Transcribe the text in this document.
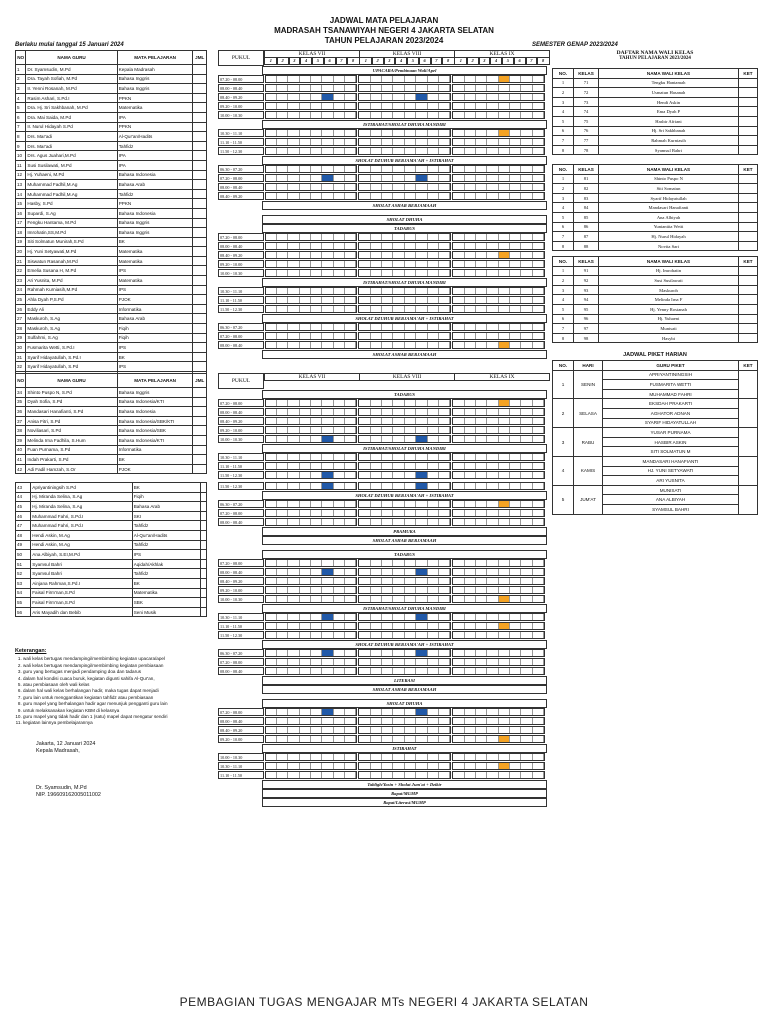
JADWAL MATA PELAJARAN
MADRASAH TSANAWIYAH NEGERI 4 JAKARTA SELATAN
TAHUN PELAJARAN 2023/2024
Berlaku mulai tanggal 15 Januari 2024	SEMESTER GENAP 2023/2024
NO	NAMA GURU	MATA PELAJARAN	JML
1	Dr. Syamsudin, M.Pd	Kepala Madrasah	
2	Dra. Tayah Sofiah, M.Pd	Bahasa Inggris	
3	Ir. Yenni Rosanah, M.Pd	Bahasa Inggris	
4	Rasim Ashari, S.Pd.I	PPKN	
5	Dra. Hj. Sri Sakhbanah, M.Pd	Matematika	
6	Dra. Mai Saida, M.Pd	IPA	
7	Ir. Nurul Hidayah S.Pd	PPKN	
8	Drs. Mar'adi	Al-Qur'an/Hadits	
9	Drs. Mar'adi	Tahfidz	
10	Drs. Agus Juahari,M.Pd	IPA	
11	Susi Susilawati, M.Pd	IPA	
12	Hj. Yuhaeni, M.Pd	Bahasa Indonesia	
13	Muhammad Fadhil,M.Ag	Bahasa Arab	
14	Muhammad Fadhil,M.Ag	Tahfidz	
15	Hasby, S.Pd	PPKN	
16	Supardi, S.Ag	Bahasa Indonesia	
17	Fengku Hantama, M.Pd	Bahasa Inggris	
18	Imrohatin,SS,M.Pd	Bahasa Inggris	
19	Siti Solmatun Munirah,S.Pd	BK	
20	Hj. Yuni Setyawati,M.Pd	Matematika	
21	Siswatun Rasanah,M.Pd	Matematika	
22	Emelia Susana H, M.Pd	IPS	
23	Ari Yusnita, M.Pd	Matematika	
24	Rahmah Kurniasih,M.Pd	IPS	
25	Ahla Dyah P,S.Pd	PJOK	
26	Eddy Ali	Informatika	
27	Maskuroh, S.Ag	Bahasa Arab	
28	Maskuroh, S.Ag	Fiqih	
29	Sulfahmi, S.Ag	Fiqih	
30	Fusmarita Wetti, S.Pd.I	IPS	
31	Syarif Hidayatullah, S.Pd.I	BK	
32	Syarif Hidayatullah, S.Pd	IPS	

NO	NAMA GURU	MATA PELAJARAN	JML
34	Shinto Puspo N, S.Pd	Bahasa Inggris	
35	Dyah Sofia, S.Pd	Bahasa Indonesia/KTI	
36	Mandasari Hanafianti, S.Pd	Bahasa Indonesia	
37	Anisa Fitri, S.Pd	Bahasa Indonesia/SBK/KTI	
38	Noviliasari, S.Pd	Bahasa Indonesia/SBK	
39	Melinda Irna Fadhila, S.Hum	Bahasa Indonesia/KTI	
40	Fuan Purnama, S.Pd	Informatika	
41	Indah Prakarti, S.Pd	BK	
42	Adi Fadil Hamzah, S.Or	PJOK	
43	Apriyantiningsih S.Pd	BK	
44	Hj. Miranda Selina, S.Ag	Fiqih	
45	Hj. Miranda Selina, S.Ag	Bahasa Arab	
46	Muhammad Fahri, S.Pd.I	SKI	
47	Muhammad Fahri, S.Pd.I	Tahfidz	
48	Hendi Askin, M.Ag	Al-Qur'an/Hadits	
49	Hendi Askin, M.Ag	Tahfidz	
50	Ana Albiyah, S.EI,M.Pd	IPS	
51	Syamsul Bahri	Aqidah/Akhlak	
52	Syamsul Bahri	Tahfidz	
53	Ainjana Rahman,S.Pd.I	BK	
54	Faisal Firm'nan,S.Pd	Matematika	
55	Faisal Firm'nan,S.Pd	SBK	
56	Aris Mayadih dan Bebib	Seni Musik	
PUKUL
KELAS VII	KELAS VIII	KELAS IX
1	2	3	4	5	6	7	8	1	2	3	4	5	6	7	8	1	2	3	4	5	6	7	8
UPACARA/Pembinaan Wali/Apel
07.20 - 08.00
08.00 - 08.40
08.40 - 09.20
09.20 - 10.00
10.00 - 10.30
ISTIRAHAT/SHOLAT DHUHA MANDIRI
10.30 - 11.10
11.10 - 11.50
11.50 - 12.30
SHOLAT DZUHUR BERJAMA'AH + ISTIRAHAT
06.30 - 07.20
07.20 - 08.00
08.00 - 08.40
08.40 - 09.20
SHOLAT ASHAR BERJAMAAH
SHOLAT DHUHA
TADARUS
07.20 - 08.00
08.00 - 08.40
08.40 - 09.20
09.20 - 10.00
10.00 - 10.30
ISTIRAHAT/SHOLAT DHUHA MANDIRI
10.30 - 11.10
11.10 - 11.50
11.50 - 12.30
SHOLAT DZUHUR BERJAMA'AH + ISTIRAHAT
06.30 - 07.20
07.20 - 08.00
08.00 - 08.40
SHOLAT ASHAR BERJAMAAH
TADARUS
07.20 - 08.00
08.00 - 08.40
08.40 - 09.20
09.20 - 10.00
10.00 - 10.30
ISTIRAHAT/SHOLAT DHUHA MANDIRI
10.30 - 11.10
11.10 - 11.50
11.50 - 12.30
11.50 - 12.30
SHOLAT DZUHUR BERJAMA'AH + ISTIRAHAT
06.30 - 07.20
07.20 - 08.00
08.00 - 08.40
PRAMUKA
SHOLAT ASHAR BERJAMAAH
TADARUS
07.20 - 08.00
08.00 - 08.40
08.40 - 09.20
09.20 - 10.00
10.00 - 10.30
ISTIRAHAT/SHOLAT DHUHA MANDIRI
10.30 - 11.10
11.10 - 11.50
11.50 - 12.30
SHOLAT DZUHUR BERJAMA'AH + ISTIRAHAT
06.30 - 07.20
07.20 - 08.00
08.00 - 08.40
LITERASI
SHOLAT ASHAR BERJAMAAH
SHOLAT DHUHA
07.20 - 08.00
08.00 - 08.40
08.40 - 09.20
09.20 - 10.00
ISTIRAHAT
10.00 - 10.30
10.30 - 11.10
11.10 - 11.50
Tabligh/Yasin + Sholat Jum'at + Dzikir
Rapat/MGMP
Rapat/Literasi/MGMP
PUKUL
KELAS VII	KELAS VIII	KELAS IX
DAFTAR NAMA WALI KELAS
TAHUN PELAJARAN 2023/2024
NO.	KELAS	NAMA WALI KELAS	KET
1	71	Tengku Hantamah	
2	72	Usmatun Hasanah	
3	73	Hendi Askin	
4	74	Ema Dyah P	
5	75	Hasbir Afriani	
6	76	Hj. Sri Sakhbanah	
7	77	Rahmah Kurniasih	
8	78	Syamsul Bahri	
NO.	KELAS	NAMA WALI KELAS	KET
1	81	Shinto Puspo N	
2	82	Siti Somatun	
3	83	Syarif Hidayatullah	
4	84	Mandasari Hanafianti	
5	85	Ana Albiyah	
6	86	Yuniantita Wetti	
7	87	Hj. Nurul Hidayah	
8	88	Novita Sari	
NO.	KELAS	NAMA WALI KELAS	KET
1	91	Hj. Imrohatin	
2	92	Susi Susilawati	
3	93	Maskuroh	
4	94	Melinda Irna F	
5	95	Hj. Yenny Rostanah	
6	96	Hj. Yuhaeni	
7	97	Munisati	
8	98	Hasybi	
JADWAL PIKET HARIAN
NO.	HARI	GURU PIKET	KET
1	SENIN	APRIYANTININGSIH	
		FUSMARITA WETTI	
		MUHAMMAD FAHRI	
2	SELASA	EKSDAH PRAKARTI	
		AGHATOR ADNAN	
		SYARIF HIDAYATULLAH	
3	RABU	YUSAR PURNAMA	
		HASBIR ASKIN	
		SITI SOLMATUN M	
4	KAMIS	MANDASARI HANAFIANTI	
		HJ. YUNI SETYAWATI	
		ARI YUSNITA	
5	JUM'AT	MUNISATI	
		ANA ALBIYAH	
		SYAMSUL BAHRI	
Keterangan:
1. wali kelas bertugas mendampingi/membimbing kegiatan upacara/apel
2. wali kelas bertugas mendampingi/membimbing kegiatan pembiasaan
3. guru yang bertugas menjadi pendamping doa dan tadarus
4. dalam hal kondisi cuaca buruk, kegiatan digunti sahifa Al-Qur'an,
5. atau pembiasaan oleh wali kelas
6. dalam hal wali kelas berhalangan hadir, maka tugas dapat menjadi
7. guru lain untuk menggantikan kegiatan tahfidz atau pembiasaan
8. guru mapel yang berhalangan hadir agar menunjuk pengganti guru lain
9. untuk melaksanakan kegiatan KBM di kelasnya
10. guru mapel yang tidak hadir dan 1 (satu) mapel dapat mengatur sendiri
11. kegiatan lainnya pembelajarannya
Jakarta, 12 Januari 2024
Kepala Madrasah,
Dr. Syamsudin, M.Pd
NIP. 196609162005011002
PEMBAGIAN TUGAS MENGAJAR MTs NEGERI 4 JAKARTA SELATAN
